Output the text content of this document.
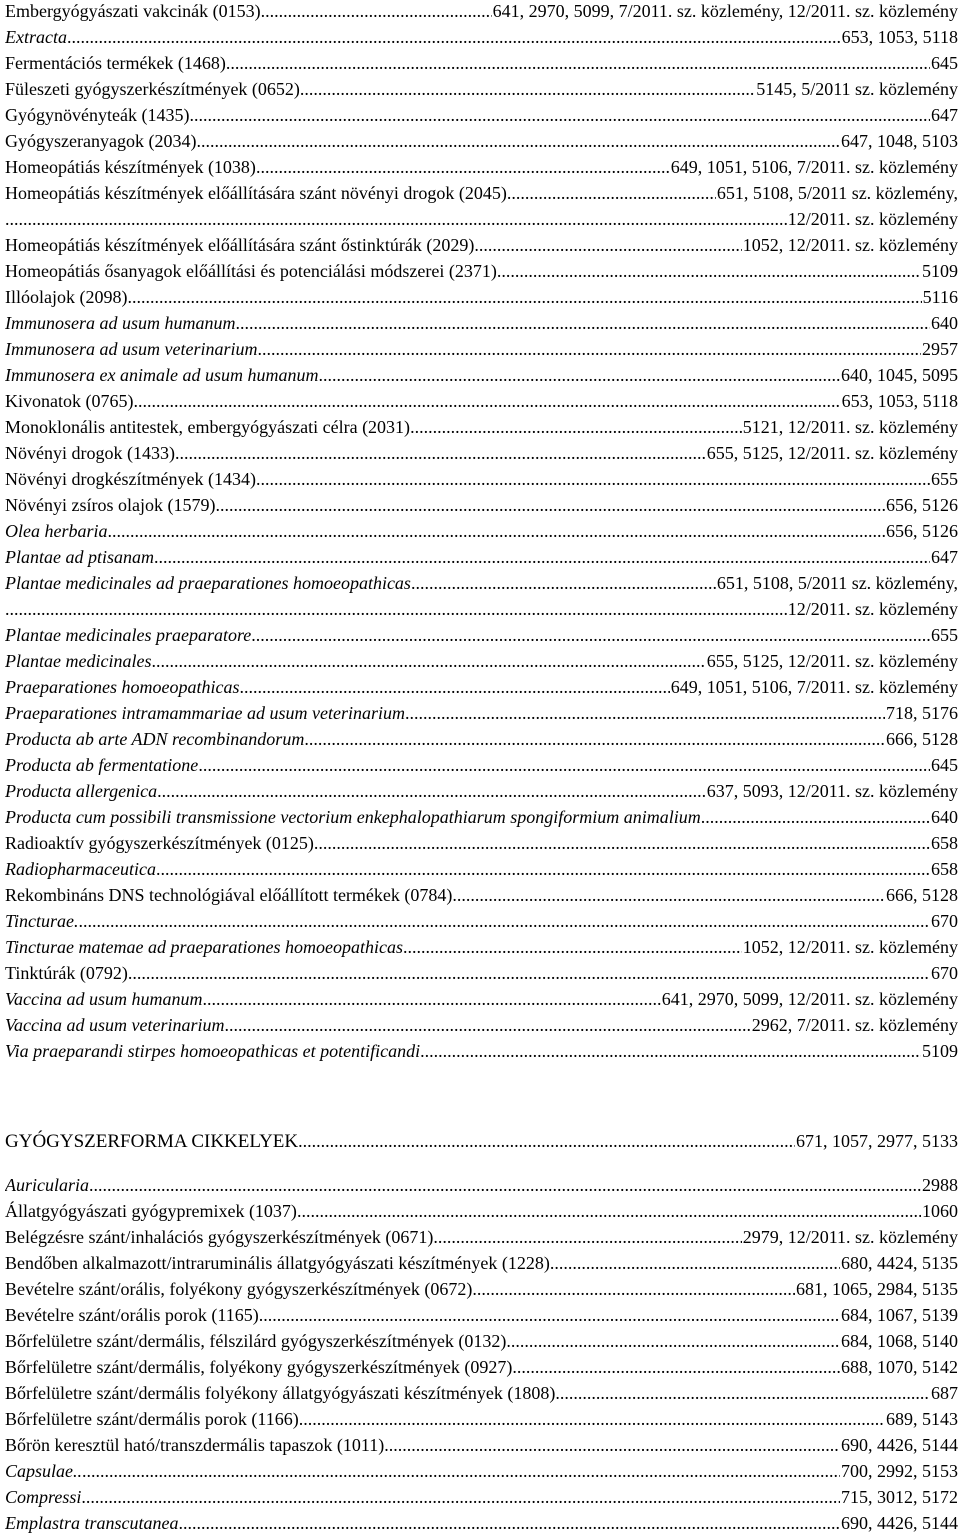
Embergyógyászati vakcinák (0153) .....	641, 2970, 5099, 7/2011. sz. közlemény, 12/2011. sz. közlemény
Extracta .....	653, 1053, 5118
Fermentációs termékek (1468) .....	645
Füleszeti gyógyszerkészítmények (0652) .....	5145, 5/2011 sz. közlemény
Gyógynövényteák (1435) .....	647
Gyógyszeranyagok (2034) .....	647, 1048, 5103
Homeopátiás készítmények (1038) .....	649, 1051, 5106, 7/2011. sz. közlemény
Homeopátiás készítmények előállítására szánt növényi drogok (2045) .....	651, 5108, 5/2011 sz. közlemény,
... .....	12/2011. sz. közlemény
Homeopátiás készítmények előállítására szánt őstinktúrák (2029) .....	1052, 12/2011. sz. közlemény
Homeopátiás ősanyagok előállítási és potenciálási módszerei (2371) .....	5109
Illóolajok (2098) .....	5116
Immunosera ad usum humanum .....	640
Immunosera ad usum veterinarium .....	2957
Immunosera ex animale ad usum humanum .....	640, 1045, 5095
Kivonatok (0765) .....	653, 1053, 5118
Monoklonális antitestek, embergyógyászati célra (2031) .....	5121, 12/2011. sz. közlemény
Növényi drogok (1433) .....	655, 5125, 12/2011. sz. közlemény
Növényi drogkészítmények (1434) .....	655
Növényi zsíros olajok (1579) .....	656, 5126
Olea herbaria .....	656, 5126
Plantae ad ptisanam .....	647
Plantae medicinales ad praeparationes homoeopathicas .....	651, 5108, 5/2011 sz. közlemény,
... .....	12/2011. sz. közlemény
Plantae medicinales praeparatore .....	655
Plantae medicinales .....	655, 5125, 12/2011. sz. közlemény
Praeparationes homoeopathicas .....	649, 1051, 5106, 7/2011. sz. közlemény
Praeparationes intramammariae ad usum veterinarium .....	718, 5176
Producta ab arte ADN recombinandorum .....	666, 5128
Producta ab fermentatione .....	645
Producta allergenica .....	637, 5093, 12/2011. sz. közlemény
Producta cum possibili transmissione vectorium enkephalopathiarum spongiformium animalium .....	640
Radioaktív gyógyszerkészítmények (0125) .....	658
Radiopharmaceutica .....	658
Rekombináns DNS technológiával előállított termékek (0784) .....	666, 5128
Tincturae. .....	670
Tincturae matemae ad praeparationes homoeopathicas .....	1052, 12/2011. sz. közlemény
Tinktúrák (0792) .....	670
Vaccina ad usum humanum .....	641, 2970, 5099, 12/2011. sz. közlemény
Vaccina ad usum veterinarium .....	2962, 7/2011. sz. közlemény
Via praeparandi stirpes homoeopathicas et potentificandi .....	5109
GYÓGYSZERFORMA CIKKELYEK .....	671, 1057, 2977, 5133
Auricularia .....	2988
Állatgyógyászati gyógypremixek (1037) .....	1060
Belégzésre szánt/inhalációs gyógyszerkészítmények (0671) .....	2979, 12/2011. sz. közlemény
Bendőben alkalmazott/intraruminális állatgyógyászati készítmények (1228) .....	680, 4424, 5135
Bevételre szánt/orális, folyékony gyógyszerkészítmények (0672) .....	681, 1065, 2984, 5135
Bevételre szánt/orális porok (1165) .....	684, 1067, 5139
Bőrfelületre szánt/dermális, félszilárd gyógyszerkészítmények (0132) .....	684, 1068, 5140
Bőrfelületre szánt/dermális, folyékony gyógyszerkészítmények (0927) .....	688, 1070, 5142
Bőrfelületre szánt/dermális folyékony állatgyógyászati készítmények (1808) .....	687
Bőrfelületre szánt/dermális porok (1166) .....	689, 5143
Bőrön keresztül ható/transzdermális tapaszok (1011) .....	690, 4426, 5144
Capsulae.. .....	700, 2992, 5153
Compressi .....	715, 3012, 5172
Emplastra transcutanea .....	690, 4426, 5144
